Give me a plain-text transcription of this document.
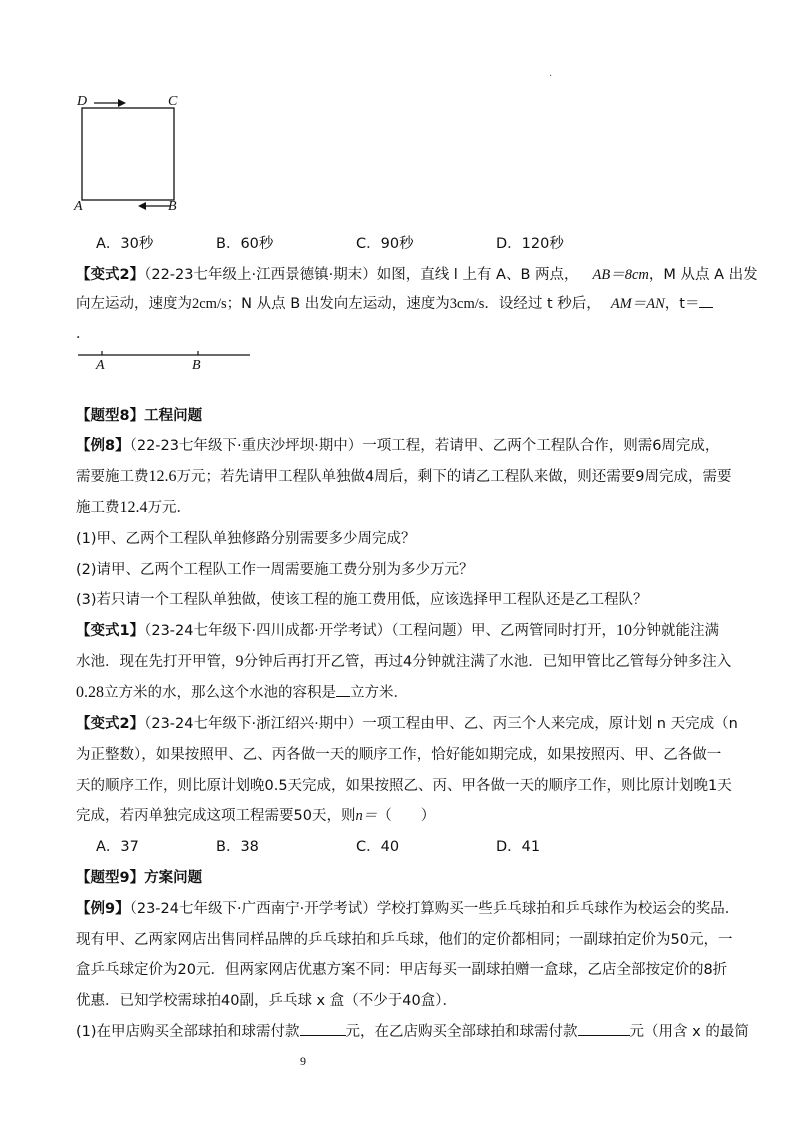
.
D	C
A	B
A．30秒	B．60秒	C．90秒	D．120秒
【变式2】（22-23七年级上·江西景德镇·期末）如图，直线 l 上有 A、B 两点， AB＝8cm，M 从点 A 出发
向左运动，速度为2cm/s；N 从点 B 出发向左运动，速度为3cm/s．设经过 t 秒后， AM＝AN，t＝
．
A	B
【题型8】工程问题
【例8】（22-23七年级下·重庆沙坪坝·期中）一项工程，若请甲、乙两个工程队合作，则需6周完成，
需要施工费12.6万元；若先请甲工程队单独做4周后，剩下的请乙工程队来做，则还需要9周完成，需要
施工费12.4万元．
(1)甲、乙两个工程队单独修路分别需要多少周完成？
(2)请甲、乙两个工程队工作一周需要施工费分别为多少万元？
(3)若只请一个工程队单独做，使该工程的施工费用低，应该选择甲工程队还是乙工程队？
【变式1】（23-24七年级下·四川成都·开学考试）（工程问题）甲、乙两管同时打开，10分钟就能注满
水池．现在先打开甲管，9分钟后再打开乙管，再过4分钟就注满了水池．已知甲管比乙管每分钟多注入
0.28立方米的水，那么这个水池的容积是 立方米．
【变式2】（23-24七年级下·浙江绍兴·期中）一项工程由甲、乙、丙三个人来完成，原计划 n 天完成（n
为正整数），如果按照甲、乙、丙各做一天的顺序工作，恰好能如期完成，如果按照丙、甲、乙各做一
天的顺序工作，则比原计划晚0.5天完成，如果按照乙、丙、甲各做一天的顺序工作，则比原计划晚1天
完成，若丙单独完成这项工程需要50天，则n＝（　　）
A．37	B．38	C．40	D．41
【题型9】方案问题
【例9】（23-24七年级下·广西南宁·开学考试）学校打算购买一些乒乓球拍和乒乓球作为校运会的奖品．
现有甲、乙两家网店出售同样品牌的乒乓球拍和乒乓球，他们的定价都相同；一副球拍定价为50元，一
盒乒乓球定价为20元．但两家网店优惠方案不同：甲店每买一副球拍赠一盒球，乙店全部按定价的8折
优惠．已知学校需球拍40副，乒乓球 x 盒（不少于40盒）．
(1)在甲店购买全部球拍和球需付款	元，在乙店购买全部球拍和球需付款	元（用含 x 的最简
9
